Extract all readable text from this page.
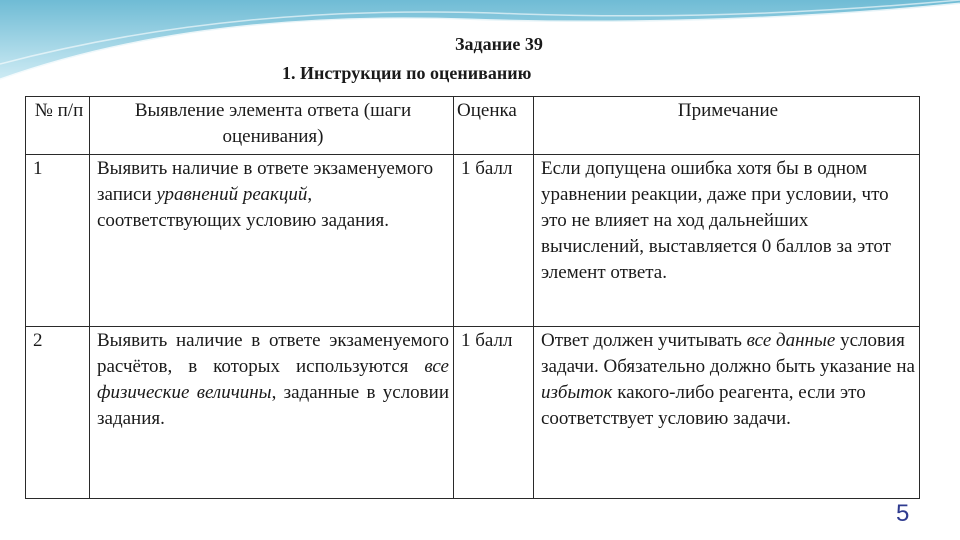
Задание 39
1. Инструкции по оцениванию
№ п/п	Выявление элемента ответа (шаги оценивания)	Оценка	Примечание
1	Выявить наличие в ответе экзаменуемого записи уравнений реакций, соответствующих условию задания.	1 балл	Если допущена ошибка хотя бы в одном уравнении реакции, даже при условии, что это не влияет на ход дальнейших вычислений, выставляется 0 баллов за этот элемент ответа.
2	Выявить наличие в ответе экзаменуемого расчётов, в которых используются все физические величины, заданные в условии задания.	1 балл	Ответ должен учитывать все данные условия задачи. Обязательно должно быть указание на избыток какого-либо реагента, если это соответствует условию задачи.
5
